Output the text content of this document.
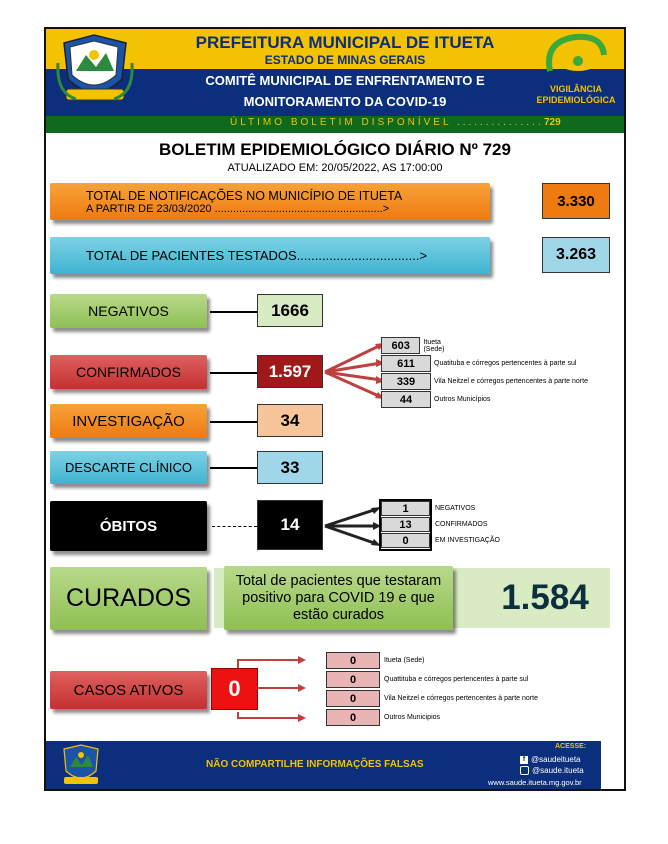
PREFEITURA MUNICIPAL DE ITUETA
ESTADO DE MINAS GERAIS
COMITÊ MUNICIPAL DE ENFRENTAMENTO E
MONITORAMENTO DA COVID-19
VIGILÂNCIA EPIDEMIOLÓGICA
ÚLTIMO BOLETIM DISPONÍVEL ............... 729
BOLETIM EPIDEMIOLÓGICO DIÁRIO Nº 729
ATUALIZADO EM: 20/05/2022, AS 17:00:00
TOTAL DE NOTIFICAÇÕES NO MUNICÍPIO DE ITUETA
A PARTIR DE 23/03/2020 .......................................................>	3.330
TOTAL DE PACIENTES TESTADOS..................................>	3.263
NEGATIVOS	1666
CONFIRMADOS	1.597
603	Itueta (Sede)
611	Quatituba e córregos pertencentes à parte sul
339	Vila Neitzel e córregos pertencentes à parte norte
44	Outros Municípios
INVESTIGAÇÃO	34
DESCARTE CLÍNICO	33
ÓBITOS	14
1	NEGATIVOS
13	CONFIRMADOS
0	EM INVESTIGAÇÃO
CURADOS
Total de pacientes que testaram positivo para COVID 19 e que estão curados	1.584
CASOS ATIVOS	0
0	Itueta (Sede)
0	Quattituba e córregos pertencentes à parte sul
0	Vila Neitzel e córregos pertencentes à parte norte
0	Outros Municipios
NÃO COMPARTILHE INFORMAÇÕES FALSAS
ACESSE:
f @saudeitueta
@saude.itueta
www.saude.itueta.mg.gov.br
